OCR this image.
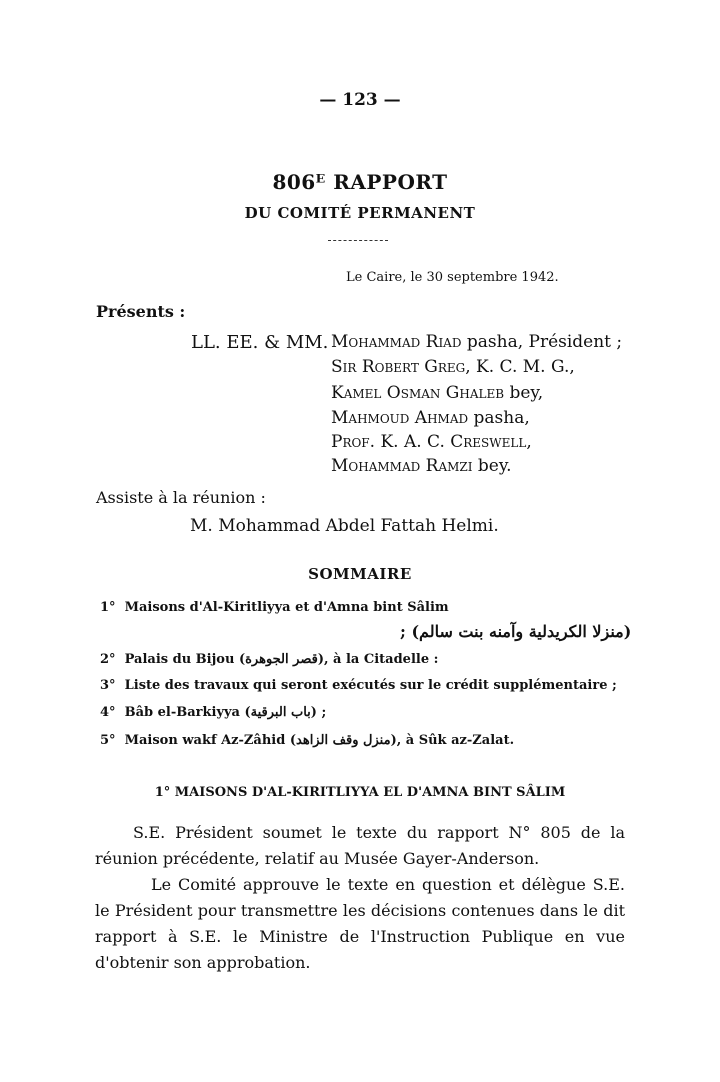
— 123 —
806ᴱ RAPPORT
DU COMITÉ PERMANENT
Le Caire, le 30 septembre 1942.
Présents :
LL. EE. & MM. Mohammad Riad pasha, Président ;
Sir Robert Greg, K. C. M. G.,
Kamel Osman Ghaleb bey,
Mahmoud Ahmad pasha,
Prof. K. A. C. Creswell,
Mohammad Ramzi bey.
Assiste à la réunion :
M. Mohammad Abdel Fattah Helmi.
SOMMAIRE
1° Maisons d'Al-Kiritliyya et d'Amna bint Sâlim
(منزلا الكريدلية وآمنه بنت سالم) ;
2° Palais du Bijou (قصر الجوهرة), à la Citadelle :
3° Liste des travaux qui seront exécutés sur le crédit supplémentaire ;
4° Bâb el-Barkiyya (باب البرقية) ;
5° Maison wakf Az-Zâhid (منزل وقف الزاهد), à Sûk az-Zalat.
1° MAISONS D'AL-KIRITLIYYA EL D'AMNA BINT SÂLIM

S.E. Président soumet le texte du rapport N° 805 de la réunion précédente, relatif au Musée Gayer-Anderson.

Le Comité approuve le texte en question et délègue S.E. le Président pour transmettre les décisions contenues dans le dit rapport à S.E. le Ministre de l'Instruction Publique en vue d'obtenir son approbation.
